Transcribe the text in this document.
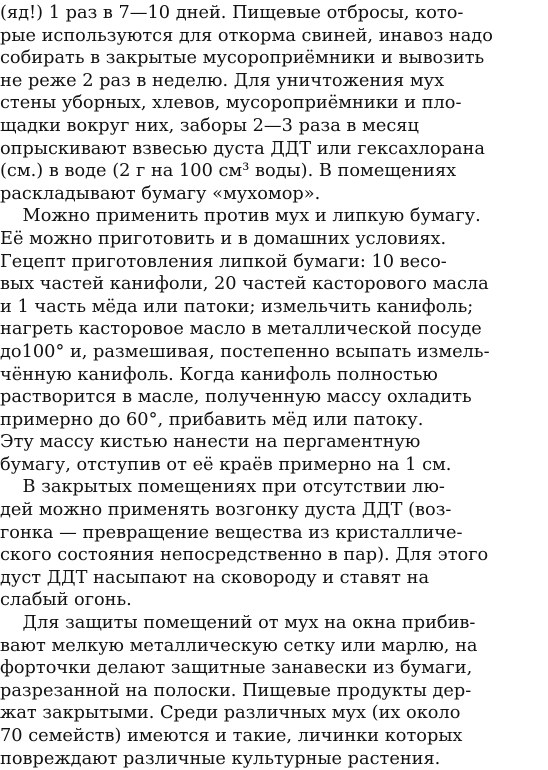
(яд!) 1 раз в 7—10 дней. Пищевые отбросы, кото-
рые используются для откорма свиней, инавоз надо
собирать в закрытые мусороприёмники и вывозить
не реже 2 раз в неделю. Для уничтожения мух
стены уборных, хлевов, мусороприёмники и пло-
щадки вокруг них, заборы 2—3 раза в месяц
опрыскивают взвесью дуста ДДТ или гексахлорана
(см.) в воде (2 г на 100 см³ воды). В помещениях
раскладывают бумагу «мухомор».
Можно применить против мух и липкую бумагу.
Её можно приготовить и в домашних условиях.
Гецепт приготовления липкой бумаги: 10 весо-
вых частей канифоли, 20 частей касторового масла
и 1 часть мёда или патоки; измельчить канифоль;
нагреть касторовое масло в металлической посуде
до100° и, размешивая, постепенно всыпать измель-
чённую канифоль. Когда канифоль полностью
растворится в масле, полученную массу охладить
примерно до 60°, прибавить мёд или патоку.
Эту массу кистью нанести на пергаментную
бумагу, отступив от её краёв примерно на 1 см.
В закрытых помещениях при отсутствии лю-
дей можно применять возгонку дуста ДДТ (воз-
гонка — превращение вещества из кристалличе-
ского состояния непосредственно в пар). Для этого
дуст ДДТ насыпают на сковороду и ставят на
слабый огонь.
Для защиты помещений от мух на окна прибив-
вают мелкую металлическую сетку или марлю, на
форточки делают защитные занавески из бумаги,
разрезанной на полоски. Пищевые продукты дер-
жат закрытыми. Среди различных мух (их около
70 семейств) имеются и такие, личинки которых
повреждают различные культурные растения.
